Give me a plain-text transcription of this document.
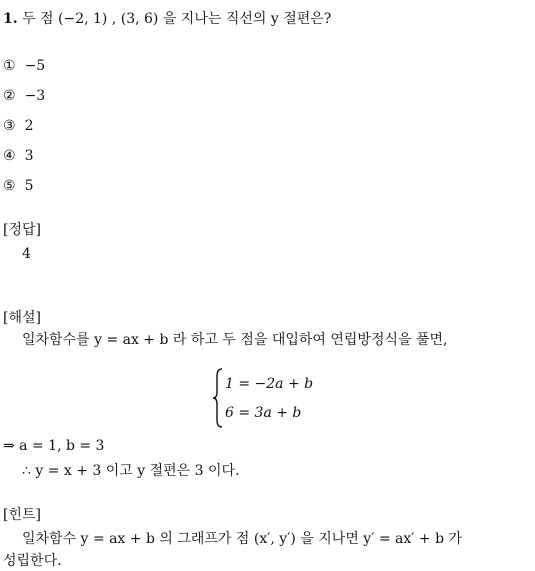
1. 두 점 (−2, 1) , (3, 6) 을 지나는 직선의 y 절편은?
① −5
② −3
③ 2
④ 3
⑤ 5
[정답]
4
[해설]
일차함수를 y = ax + b 라 하고 두 점을 대입하여 연립방정식을 풀면,
1 = −2a + b
6 = 3a + b
⇒ a = 1, b = 3
∴ y = x + 3 이고 y 절편은 3 이다.
[힌트]
일차함수 y = ax + b 의 그래프가 점 (x′, y′) 을 지나면 y′ = ax′ + b 가
성립한다.
